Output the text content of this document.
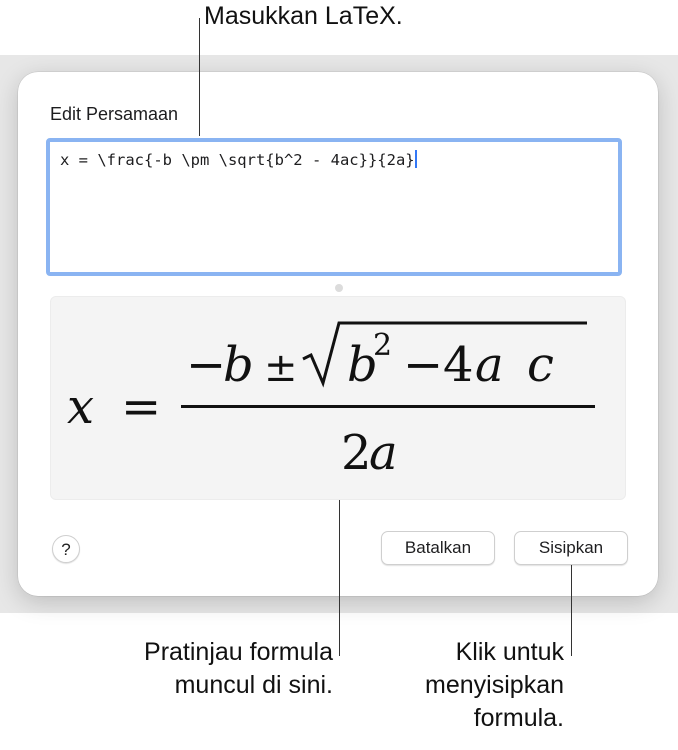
Edit Persamaan
x = \frac{-b \pm \sqrt{b^2 - 4ac}}{2a}
x =
−
b ± b
2 − 4 a c
2
a
?	Batalkan	Sisipkan
Masukkan LaTeX.
Pratinjau formula
muncul di sini.
Klik untuk
menyisipkan
formula.
